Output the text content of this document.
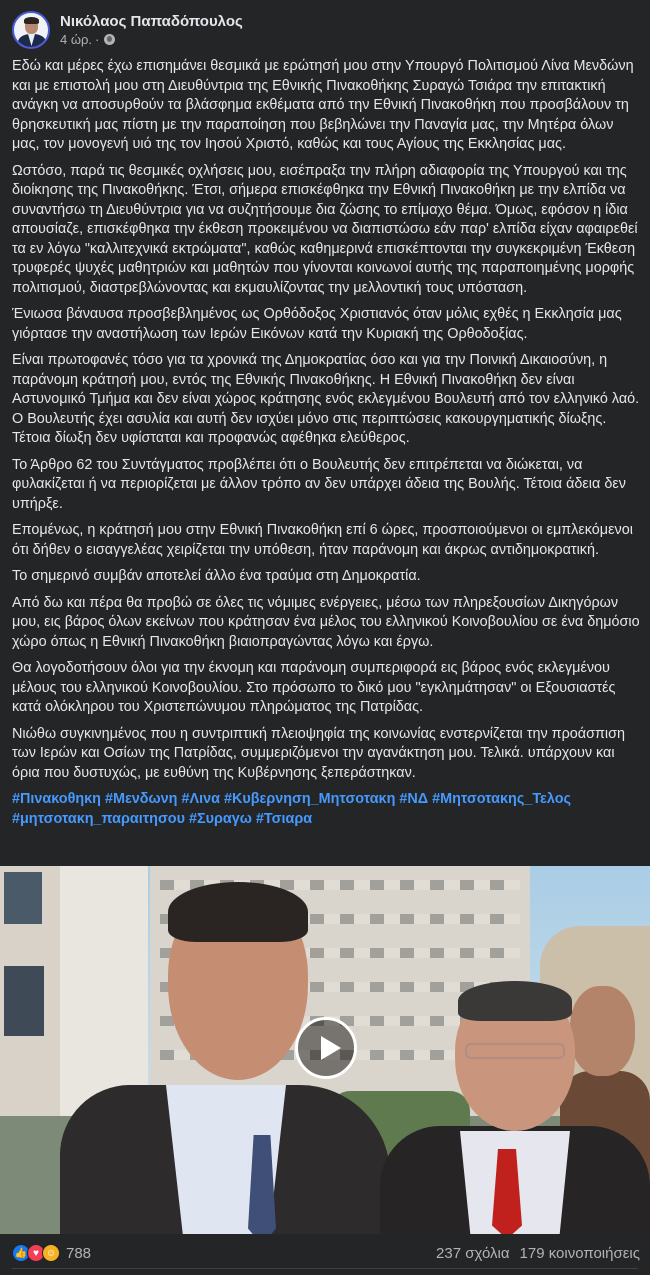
Νικόλαος Παπαδόπουλος
4 ώρ. ·

Εδώ και μέρες έχω επισημάνει θεσμικά με ερώτησή μου στην Υπουργό Πολιτισμού Λίνα Μενδώνη και με επιστολή μου στη Διευθύντρια της Εθνικής Πινακοθήκης Συραγώ Τσιάρα την επιτακτική ανάγκη να αποσυρθούν τα βλάσφημα εκθέματα από την Εθνική Πινακοθήκη που προσβάλουν τη θρησκευτική μας πίστη με την παραποίηση που βεβηλώνει την Παναγία μας, την Μητέρα όλων μας, τον μονογενή υιό της τον Ιησού Χριστό, καθώς και τους Αγίους της Εκκλησίας μας.

Ωστόσο, παρά τις θεσμικές οχλήσεις μου, εισέπραξα την πλήρη αδιαφορία της Υπουργού και της διοίκησης της Πινακοθήκης. Έτσι, σήμερα επισκέφθηκα την Εθνική Πινακοθήκη με την ελπίδα να συναντήσω τη Διευθύντρια για να συζητήσουμε δια ζώσης το επίμαχο θέμα. Όμως, εφόσον η ίδια απουσίαζε, επισκέφθηκα την έκθεση προκειμένου να διαπιστώσω εάν παρ' ελπίδα είχαν αφαιρεθεί τα εν λόγω "καλλιτεχνικά εκτρώματα", καθώς καθημερινά επισκέπτονται την συγκεκριμένη Έκθεση τρυφερές ψυχές μαθητριών και μαθητών που γίνονται κοινωνοί αυτής της παραποιημένης μορφής πολιτισμού, διαστρεβλώνοντας και εκμαυλίζοντας την μελλοντική τους υπόσταση.

Ένιωσα βάναυσα προσβεβλημένος ως Ορθόδοξος Χριστιανός όταν μόλις εχθές η Εκκλησία μας γιόρτασε την αναστήλωση των Ιερών Εικόνων κατά την Κυριακή της Ορθοδοξίας.

Είναι πρωτοφανές τόσο για τα χρονικά της Δημοκρατίας όσο και για την Ποινική Δικαιοσύνη, η παράνομη κράτησή μου, εντός της Εθνικής Πινακοθήκης. Η Εθνική Πινακοθήκη δεν είναι Αστυνομικό Τμήμα και δεν είναι χώρος κράτησης ενός εκλεγμένου Βουλευτή από τον ελληνικό λαό. Ο Βουλευτής έχει ασυλία και αυτή δεν ισχύει μόνο στις περιπτώσεις κακουργηματικής δίωξης. Τέτοια δίωξη δεν υφίσταται και προφανώς αφέθηκα ελεύθερος.

Το Άρθρο 62 του Συντάγματος προβλέπει ότι ο Βουλευτής δεν επιτρέπεται να διώκεται, να φυλακίζεται ή να περιορίζεται με άλλον τρόπο αν δεν υπάρχει άδεια της Βουλής. Τέτοια άδεια δεν υπήρξε.

Επομένως, η κράτησή μου στην Εθνική Πινακοθήκη επί 6 ώρες, προσποιούμενοι οι εμπλεκόμενοι ότι δήθεν ο εισαγγελέας χειρίζεται την υπόθεση, ήταν παράνομη και άκρως αντιδημοκρατική.

Το σημερινό συμβάν αποτελεί άλλο ένα τραύμα στη Δημοκρατία.

Από δω και πέρα θα προβώ σε όλες τις νόμιμες ενέργειες, μέσω των πληρεξουσίων Δικηγόρων μου, εις βάρος όλων εκείνων που κράτησαν ένα μέλος του ελληνικού Κοινοβουλίου σε ένα δημόσιο χώρο όπως η Εθνική Πινακοθήκη βιαιοπραγώντας λόγω και έργω.

Θα λογοδοτήσουν όλοι για την έκνομη και παράνομη συμπεριφορά εις βάρος ενός εκλεγμένου μέλους του ελληνικού Κοινοβουλίου. Στο πρόσωπο το δικό μου "εγκλημάτησαν" οι Εξουσιαστές κατά ολόκληρου του Χριστεπώνυμου πληρώματος της Πατρίδας.

Νιώθω συγκινημένος που η συντριπτική πλειοψηφία της κοινωνίας ενστερνίζεται την προάσπιση των Ιερών και Οσίων της Πατρίδας, συμμεριζόμενοι την αγανάκτηση μου. Τελικά. υπάρχουν και όρια που δυστυχώς, με ευθύνη της Κυβέρνησης ξεπεράστηκαν.

#Πινακοθηκη #Μενδωνη #Λινα #Κυβερνηση_Μητσοτακη #ΝΔ #Μητσοτακης_Τελος #μητσοτακη_παραιτησου #Συραγω #Τσιαρα

👍 ♥ ☺ 788	237 σχόλια 179 κοινοποιήσεις
